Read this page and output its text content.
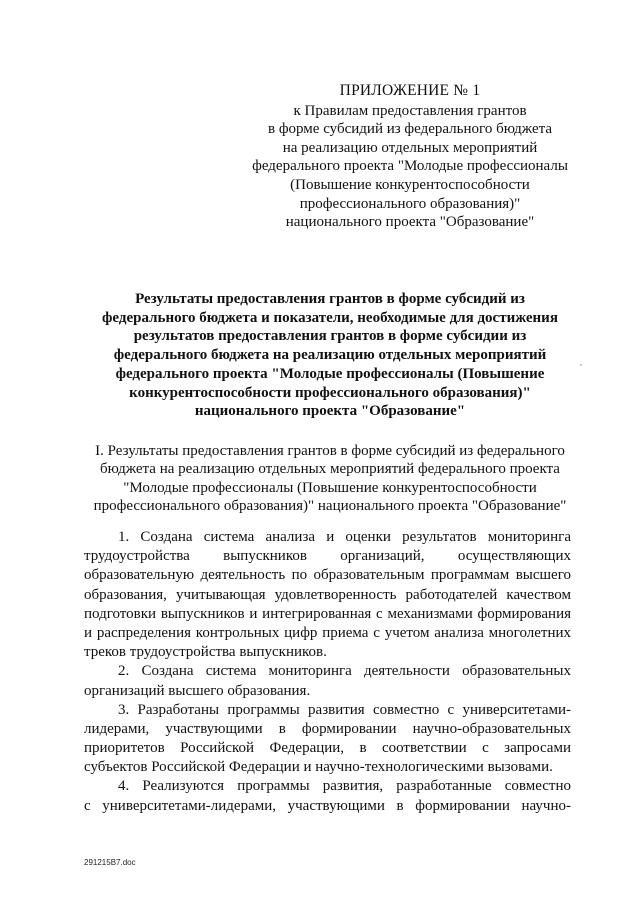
ПРИЛОЖЕНИЕ № 1
к Правилам предоставления грантов
в форме субсидий из федерального бюджета
на реализацию отдельных мероприятий
федерального проекта "Молодые профессионалы
(Повышение конкурентоспособности
профессионального образования)"
национального проекта "Образование"
Результаты предоставления грантов в форме субсидий из
федерального бюджета и показатели, необходимые для достижения
результатов предоставления грантов в форме субсидии из
федерального бюджета на реализацию отдельных мероприятий
федерального проекта "Молодые профессионалы (Повышение
конкурентоспособности профессионального образования)"
национального проекта "Образование"
I. Результаты предоставления грантов в форме субсидий из федерального
бюджета на реализацию отдельных мероприятий федерального проекта
"Молодые профессионалы (Повышение конкурентоспособности
профессионального образования)" национального проекта "Образование"
1. Создана система анализа и оценки результатов мониторинга
трудоустройства выпускников организаций, осуществляющих
образовательную деятельность по образовательным программам высшего
образования, учитывающая удовлетворенность работодателей качеством
подготовки выпускников и интегрированная с механизмами формирования
и распределения контрольных цифр приема с учетом анализа многолетних
треков трудоустройства выпускников.
2. Создана система мониторинга деятельности образовательных
организаций высшего образования.
3. Разработаны программы развития совместно с университетами-
лидерами, участвующими в формировании научно-образовательных
приоритетов Российской Федерации, в соответствии с запросами
субъектов Российской Федерации и научно-технологическими вызовами.
4. Реализуются программы развития, разработанные совместно
с университетами-лидерами, участвующими в формировании научно-
291215B7.doc
